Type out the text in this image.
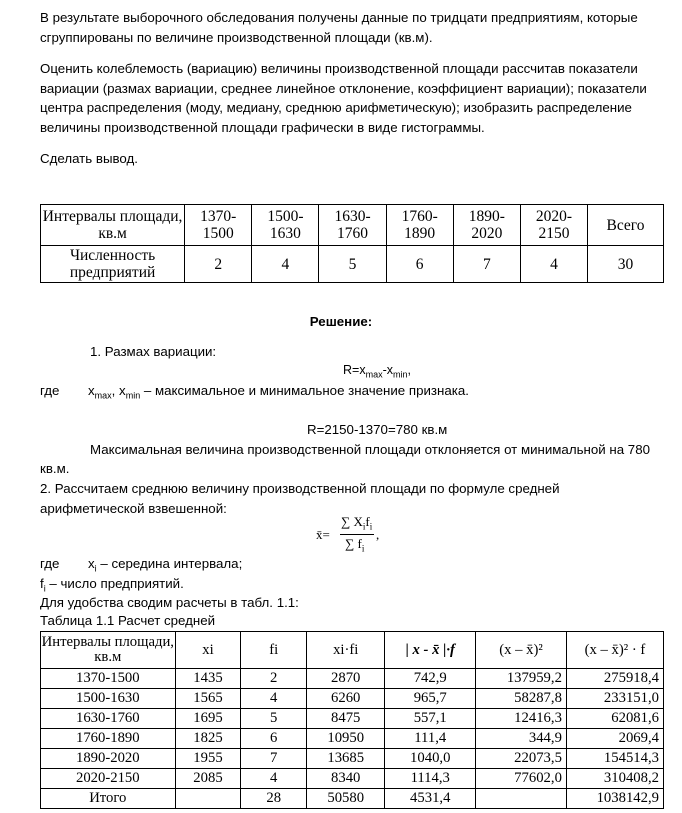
В результате выборочного обследования получены данные по тридцати предприятиям, которые сгруппированы по величине производственной площади (кв.м).

Оценить колеблемость (вариацию) величины производственной площади рассчитав показатели вариации (размах вариации, среднее линейное отклонение, коэффициент вариации); показатели центра распределения (моду, медиану, среднюю арифметическую); изобразить распределение величины производственной площади графически в виде гистограммы.

Сделать вывод.

Интервалы площади, кв.м	1370-1500	1500-1630	1630-1760	1760-1890	1890-2020	2020-2150	Всего
Численность предприятий	2	4	5	6	7	4	30
Решение:
1. Размах вариации:
$R=x_{max}-x_{min}$,
где $x_{max}$, $x_{min}$ – максимальное и минимальное значение признака.
R=2150-1370=780 кв.м
Максимальная величина производственной площади отклоняется от минимальной на 780
кв.м.

2. Рассчитаем среднюю величину производственной площади по формуле средней арифметической взвешенной:

x̄=
∑ $X_if_i$
∑ $f_i$
,
где $x_i$ – середина интервала;
$f_i$ – число предприятий.
Для удобства сводим расчеты в табл. 1.1:
Таблица 1.1 Расчет средней
Интервалы площади, кв.м	xi	fi	xi·fi	| x - x̄ |·f	(x – x̄)²	(x – x̄)² · f
1370-1500	1435	2	2870	742,9	137959,2	275918,4
1500-1630	1565	4	6260	965,7	58287,8	233151,0
1630-1760	1695	5	8475	557,1	12416,3	62081,6
1760-1890	1825	6	10950	111,4	344,9	2069,4
1890-2020	1955	7	13685	1040,0	22073,5	154514,3
2020-2150	2085	4	8340	1114,3	77602,0	310408,2
Итого		28	50580	4531,4		1038142,9
